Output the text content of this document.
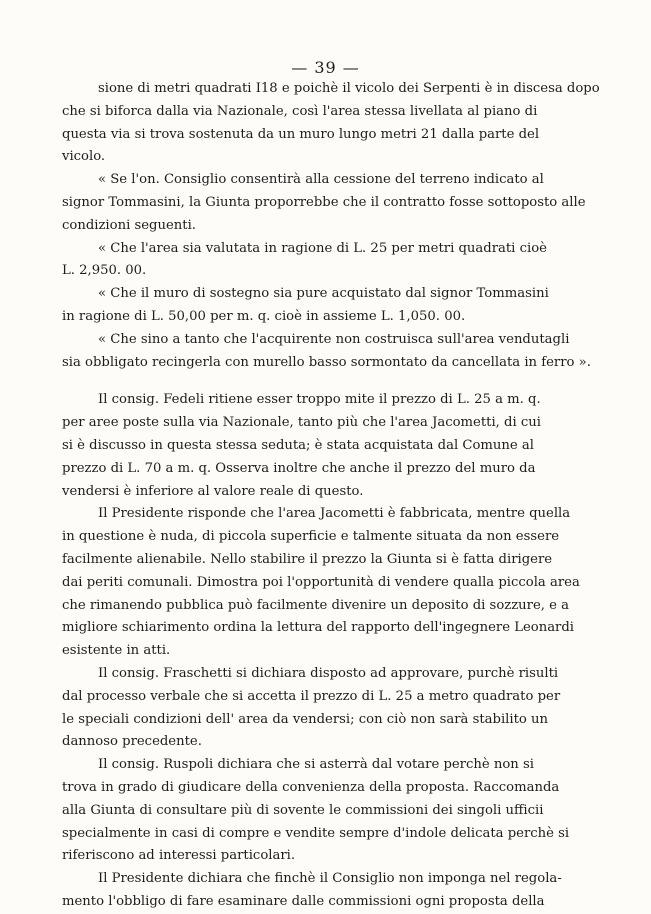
— 39 —
sione di metri quadrati I18 e poichè il vicolo dei Serpenti è in discesa dopo
che si biforca dalla via Nazionale, così l'area stessa livellata al piano di
questa via si trova sostenuta da un muro lungo metri 21 dalla parte del
vicolo.
« Se l'on. Consiglio consentirà alla cessione del terreno indicato al
signor Tommasini, la Giunta proporrebbe che il contratto fosse sottoposto alle
condizioni seguenti.
« Che l'area sia valutata in ragione di L. 25 per metri quadrati cioè
L. 2,950. 00.
« Che il muro di sostegno sia pure acquistato dal signor Tommasini
in ragione di L. 50,00 per m. q. cioè in assieme L. 1,050. 00.
« Che sino a tanto che l'acquirente non costruisca sull'area vendutagli
sia obbligato recingerla con murello basso sormontato da cancellata in ferro ».
Il consig. Fedeli ritiene esser troppo mite il prezzo di L. 25 a m. q.
per aree poste sulla via Nazionale, tanto più che l'area Jacometti, di cui
si è discusso in questa stessa seduta; è stata acquistata dal Comune al
prezzo di L. 70 a m. q. Osserva inoltre che anche il prezzo del muro da
vendersi è inferiore al valore reale di questo.
Il Presidente risponde che l'area Jacometti è fabbricata, mentre quella
in questione è nuda, di piccola superficie e talmente situata da non essere
facilmente alienabile. Nello stabilire il prezzo la Giunta si è fatta dirigere
dai periti comunali. Dimostra poi l'opportunità di vendere qualla piccola area
che rimanendo pubblica può facilmente divenire un deposito di sozzure, e a
migliore schiarimento ordina la lettura del rapporto dell'ingegnere Leonardi
esistente in atti.
Il consig. Fraschetti si dichiara disposto ad approvare, purchè risulti
dal processo verbale che si accetta il prezzo di L. 25 a metro quadrato per
le speciali condizioni dell' area da vendersi; con ciò non sarà stabilito un
dannoso precedente.
Il consig. Ruspoli dichiara che si asterrà dal votare perchè non si
trova in grado di giudicare della convenienza della proposta. Raccomanda
alla Giunta di consultare più di sovente le commissioni dei singoli ufficii
specialmente in casi di compre e vendite sempre d'indole delicata perchè si
riferiscono ad interessi particolari.
Il Presidente dichiara che finchè il Consiglio non imponga nel regola-
mento l'obbligo di fare esaminare dalle commissioni ogni proposta della
